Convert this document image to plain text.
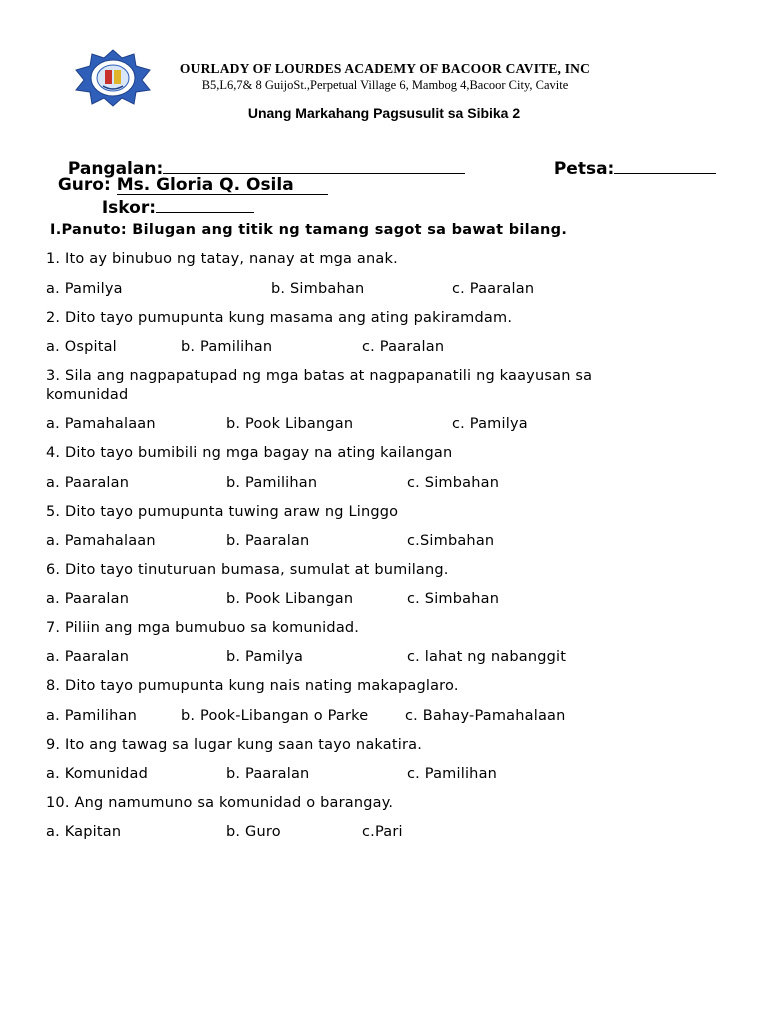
OURLADY OF LOURDES ACADEMY OF BACOOR CAVITE, INC
B5,L6,7& 8 GuijoSt.,Perpetual Village 6, Mambog 4,Bacoor City, Cavite
Unang Markahang Pagsusulit sa Sibika 2

Pangalan:	Petsa:

Guro: Ms. Gloria Q. Osila

Iskor:

I.Panuto: Bilugan ang titik ng tamang sagot sa bawat bilang.
1. Ito ay binubuo ng tatay, nanay at mga anak.
a. Pamilya	b. Simbahan	c. Paaralan
2. Dito tayo pumupunta kung masama ang ating pakiramdam.
a. Ospital	b. Pamilihan	c. Paaralan
3. Sila ang nagpapatupad ng mga batas at nagpapanatili ng kaayusan sa
komunidad
a. Pamahalaan	b. Pook Libangan	c. Pamilya
4. Dito tayo bumibili ng mga bagay na ating kailangan
a. Paaralan	b. Pamilihan	c. Simbahan
5. Dito tayo pumupunta tuwing araw ng Linggo
a. Pamahalaan	b. Paaralan	c.Simbahan
6. Dito tayo tinuturuan bumasa, sumulat at bumilang.
a. Paaralan	b. Pook Libangan	c. Simbahan
7. Piliin ang mga bumubuo sa komunidad.
a. Paaralan	b. Pamilya	c. lahat ng nabanggit
8. Dito tayo pumupunta kung nais nating makapaglaro.
a. Pamilihan	b. Pook-Libangan o Parke	c. Bahay-Pamahalaan
9. Ito ang tawag sa lugar kung saan tayo nakatira.
a. Komunidad	b. Paaralan	c. Pamilihan
10. Ang namumuno sa komunidad o barangay.
a. Kapitan	b. Guro	c.Pari
